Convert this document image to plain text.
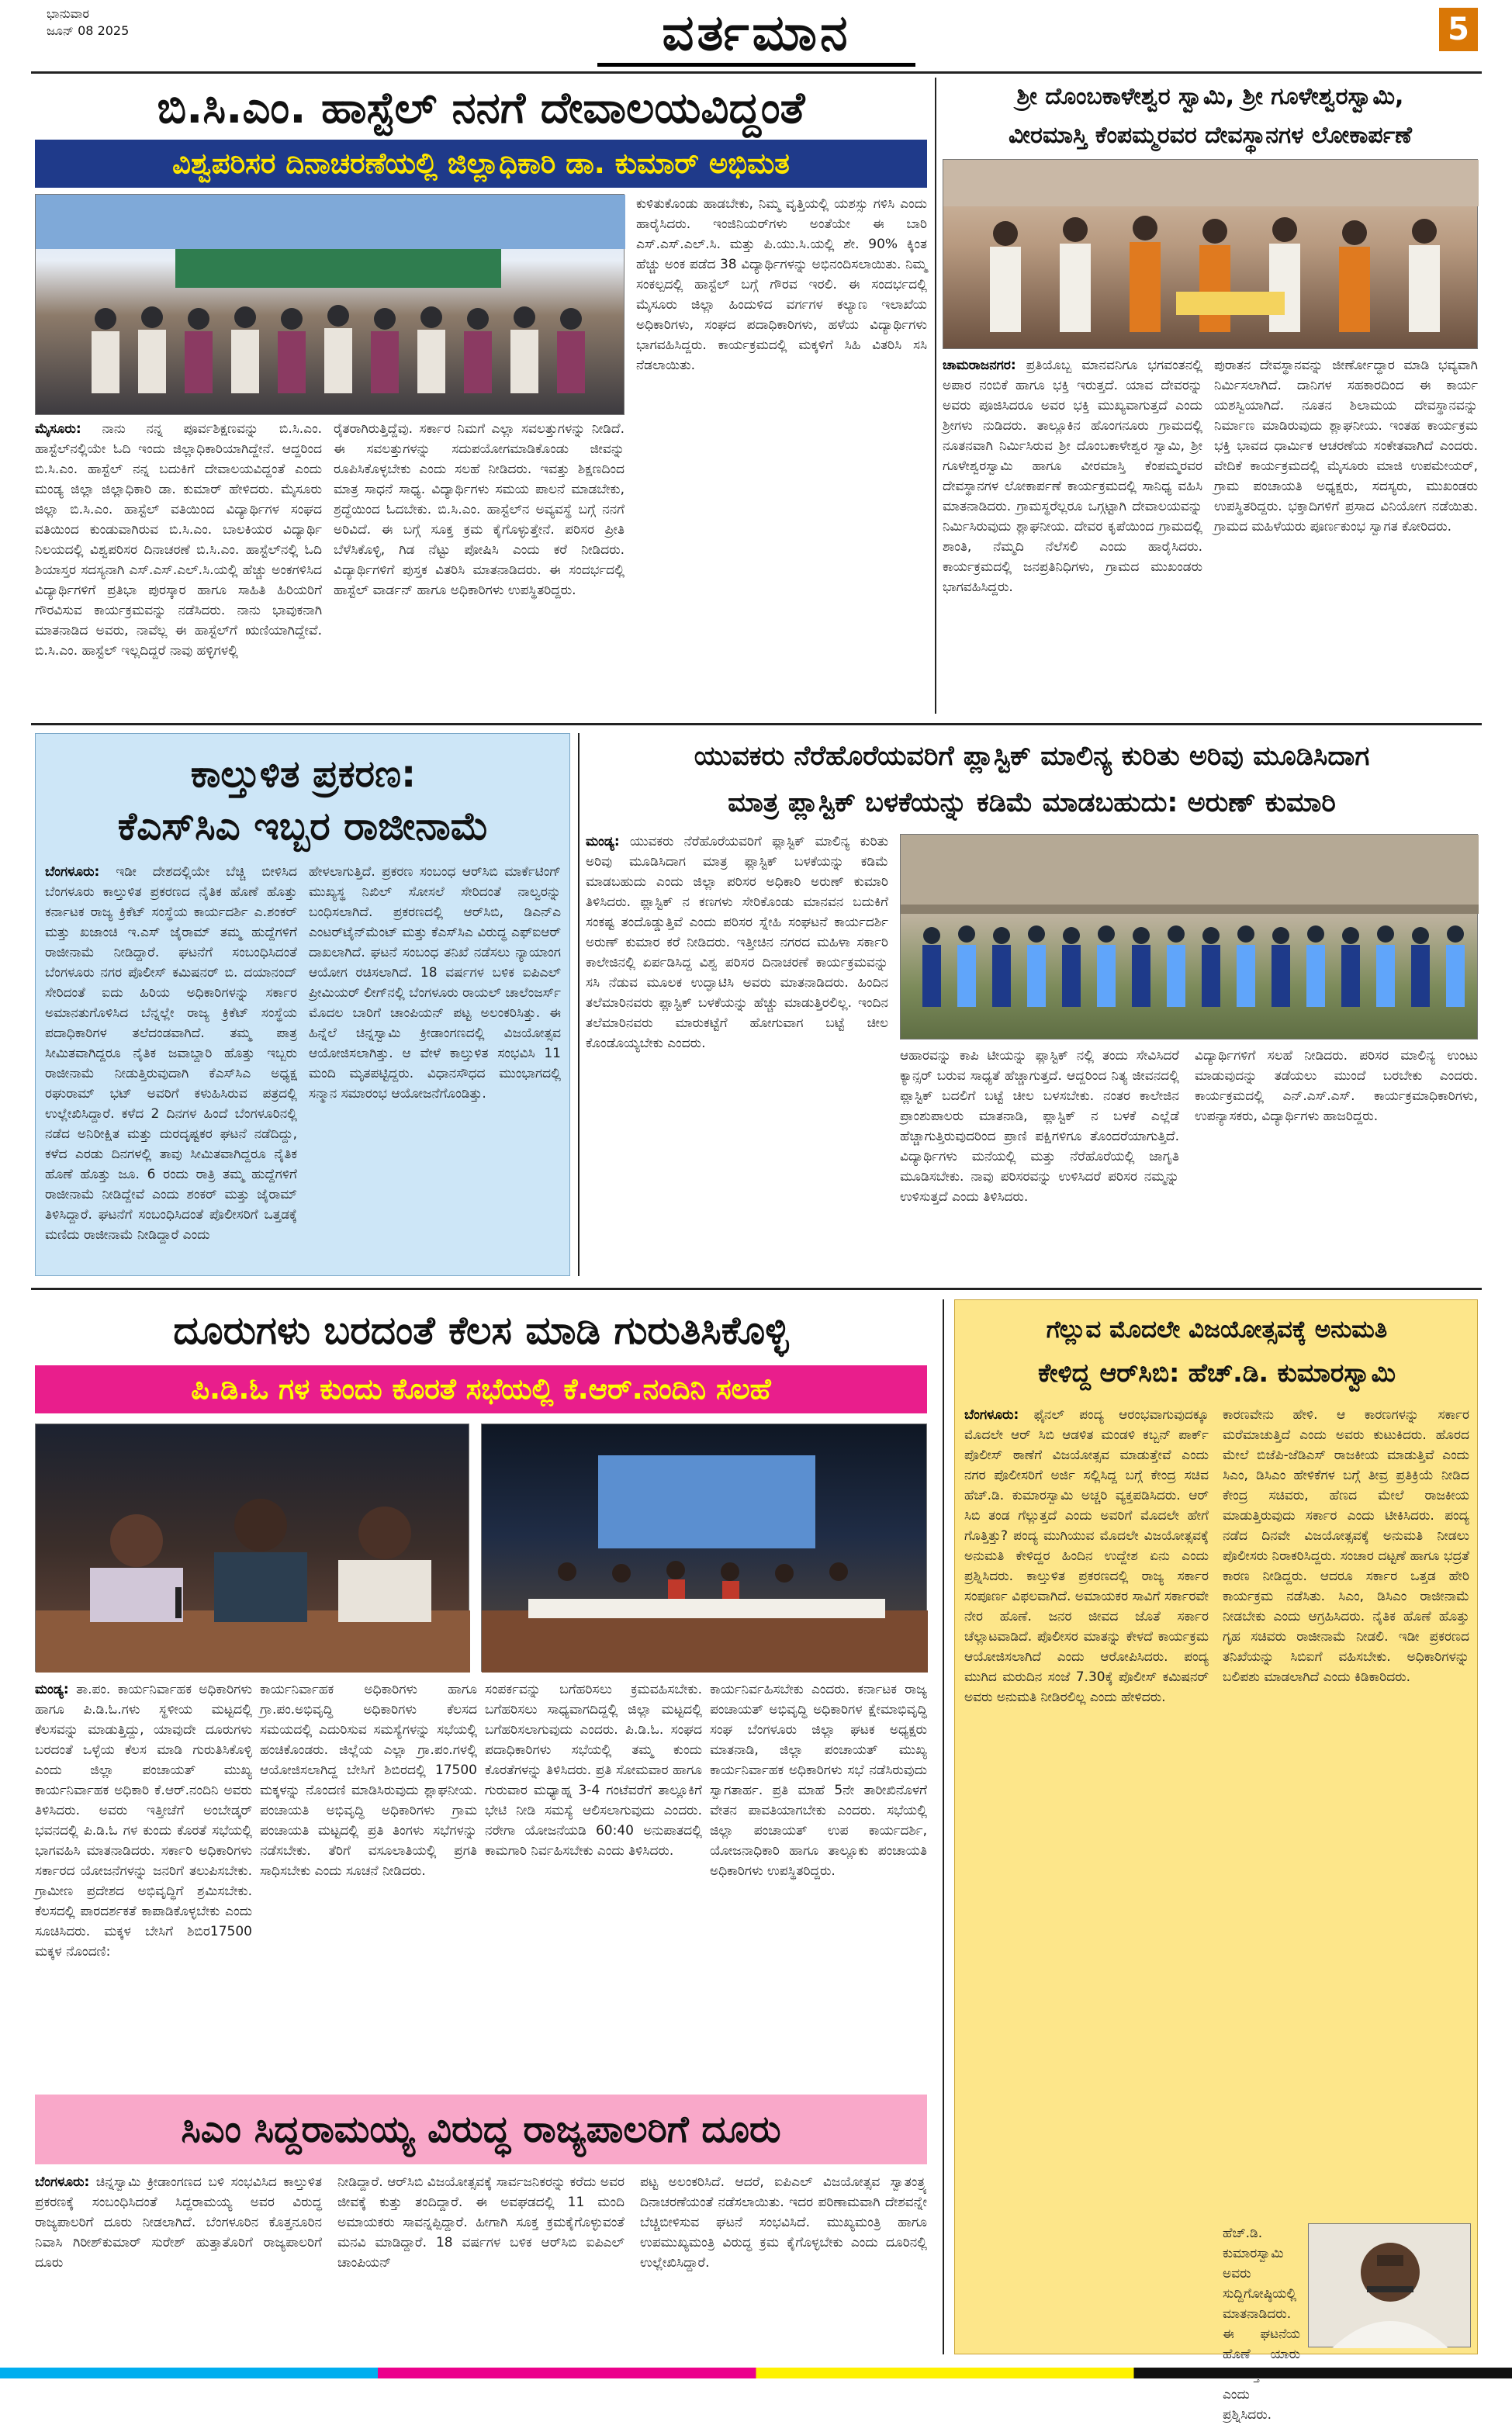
ಭಾನುವಾರ
ಜೂನ್ 08 2025	ವರ್ತಮಾನ	5
ಬಿ.ಸಿ.ಎಂ. ಹಾಸ್ಟೆಲ್ ನನಗೆ ದೇವಾಲಯವಿದ್ದಂತೆ
ವಿಶ್ವಪರಿಸರ ದಿನಾಚರಣೆಯಲ್ಲಿ ಜಿಲ್ಲಾಧಿಕಾರಿ ಡಾ. ಕುಮಾರ್ ಅಭಿಮತ
ಮೈಸೂರು: ನಾನು ನನ್ನ ಪೂರ್ವಶಿಕ್ಷಣವನ್ನು ಬಿ.ಸಿ.ಎಂ. ಹಾಸ್ಟೆಲ್‌ನಲ್ಲಿಯೇ ಓದಿ ಇಂದು ಜಿಲ್ಲಾಧಿಕಾರಿಯಾಗಿದ್ದೇನೆ. ಆದ್ದರಿಂದ ಬಿ.ಸಿ.ಎಂ. ಹಾಸ್ಟೆಲ್ ನನ್ನ ಬದುಕಿಗೆ ದೇವಾಲಯವಿದ್ದಂತೆ ಎಂದು ಮಂಡ್ಯ ಜಿಲ್ಲಾ ಜಿಲ್ಲಾಧಿಕಾರಿ ಡಾ. ಕುಮಾರ್ ಹೇಳಿದರು. ಮೈಸೂರು ಜಿಲ್ಲಾ ಬಿ.ಸಿ.ಎಂ. ಹಾಸ್ಟೆಲ್ ವತಿಯಿಂದ ವಿದ್ಯಾರ್ಥಿಗಳ ಸಂಘದ ವತಿಯಿಂದ ಕುಂಡುವಾಗಿರುವ ಬಿ.ಸಿ.ಎಂ. ಬಾಲಕಿಯರ ವಿದ್ಯಾರ್ಥಿ ನಿಲಯದಲ್ಲಿ ವಿಶ್ವಪರಿಸರ ದಿನಾಚರಣೆ ಬಿ.ಸಿ.ಎಂ. ಹಾಸ್ಟೆಲ್‌ನಲ್ಲಿ ಓದಿ ಶಿಯಾಸ್ತರ ಸದಸ್ಯನಾಗಿ ಎಸ್.ಎಸ್.ಎಲ್.ಸಿ.ಯಲ್ಲಿ ಹೆಚ್ಚು ಅಂಕಗಳಿಸಿದ ವಿದ್ಯಾರ್ಥಿಗಳಿಗೆ ಪ್ರತಿಭಾ ಪುರಸ್ಕಾರ ಹಾಗೂ ಸಾಹಿತಿ ಹಿರಿಯರಿಗೆ ಗೌರವಿಸುವ ಕಾರ್ಯಕ್ರಮವನ್ನು ನಡೆಸಿದರು. ನಾನು ಭಾವುಕನಾಗಿ ಮಾತನಾಡಿದ ಅವರು, ನಾವೆಲ್ಲ ಈ ಹಾಸ್ಟೆಲ್‌ಗೆ ಋಣಿಯಾಗಿದ್ದೇವೆ. ಬಿ.ಸಿ.ಎಂ. ಹಾಸ್ಟೆಲ್ ಇಲ್ಲದಿದ್ದರೆ ನಾವು ಹಳ್ಳಿಗಳಲ್ಲಿ
ರೈತರಾಗಿರುತ್ತಿದ್ದೆವು. ಸರ್ಕಾರ ನಿಮಗೆ ಎಲ್ಲಾ ಸವಲತ್ತುಗಳನ್ನು ನೀಡಿದೆ. ಈ ಸವಲತ್ತುಗಳನ್ನು ಸದುಪಯೋಗಮಾಡಿಕೊಂಡು ಜೀವನ್ನು ರೂಪಿಸಿಕೊಳ್ಳಬೇಕು ಎಂದು ಸಲಹೆ ನೀಡಿದರು. ಇವತ್ತು ಶಿಕ್ಷಣದಿಂದ ಮಾತ್ರ ಸಾಧನೆ ಸಾಧ್ಯ. ವಿದ್ಯಾರ್ಥಿಗಳು ಸಮಯ ಪಾಲನೆ ಮಾಡಬೇಕು, ಶ್ರದ್ಧೆಯಿಂದ ಓದಬೇಕು. ಬಿ.ಸಿ.ಎಂ. ಹಾಸ್ಟೆಲ್‌ನ ಅವ್ಯವಸ್ಥೆ ಬಗ್ಗೆ ನನಗೆ ಅರಿವಿದೆ. ಈ ಬಗ್ಗೆ ಸೂಕ್ತ ಕ್ರಮ ಕೈಗೊಳ್ಳುತ್ತೇನೆ. ಪರಿಸರ ಪ್ರೀತಿ ಬೆಳೆಸಿಕೊಳ್ಳಿ, ಗಿಡ ನೆಟ್ಟು ಪೋಷಿಸಿ ಎಂದು ಕರೆ ನೀಡಿದರು. ವಿದ್ಯಾರ್ಥಿಗಳಿಗೆ ಪುಸ್ತಕ ವಿತರಿಸಿ ಮಾತನಾಡಿದರು. ಈ ಸಂದರ್ಭದಲ್ಲಿ ಹಾಸ್ಟೆಲ್ ವಾರ್ಡನ್ ಹಾಗೂ ಅಧಿಕಾರಿಗಳು ಉಪಸ್ಥಿತರಿದ್ದರು.
ಕುಳಿತುಕೊಂಡು ಹಾಡಬೇಕು, ನಿಮ್ಮ ವೃತ್ತಿಯಲ್ಲಿ ಯಶಸ್ಸು ಗಳಿಸಿ ಎಂದು ಹಾರೈಸಿದರು. ಇಂಜಿನಿಯರ್‌ಗಳು ಅಂತೆಯೇ ಈ ಬಾರಿ ಎಸ್.ಎಸ್.ಎಲ್.ಸಿ. ಮತ್ತು ಪಿ.ಯು.ಸಿ.ಯಲ್ಲಿ ಶೇ. 90% ಕ್ಕಿಂತ ಹೆಚ್ಚು ಅಂಕ ಪಡೆದ 38 ವಿದ್ಯಾರ್ಥಿಗಳನ್ನು ಅಭಿನಂದಿಸಲಾಯಿತು. ನಿಮ್ಮ ಸಂಕಲ್ಪದಲ್ಲಿ ಹಾಸ್ಟೆಲ್ ಬಗ್ಗೆ ಗೌರವ ಇರಲಿ. ಈ ಸಂದರ್ಭದಲ್ಲಿ ಮೈಸೂರು ಜಿಲ್ಲಾ ಹಿಂದುಳಿದ ವರ್ಗಗಳ ಕಲ್ಯಾಣ ಇಲಾಖೆಯ ಅಧಿಕಾರಿಗಳು, ಸಂಘದ ಪದಾಧಿಕಾರಿಗಳು, ಹಳೆಯ ವಿದ್ಯಾರ್ಥಿಗಳು ಭಾಗವಹಿಸಿದ್ದರು. ಕಾರ್ಯಕ್ರಮದಲ್ಲಿ ಮಕ್ಕಳಿಗೆ ಸಿಹಿ ವಿತರಿಸಿ ಸಸಿ ನೆಡಲಾಯಿತು.
ಶ್ರೀ ದೊಂಬಕಾಳೇಶ್ವರ ಸ್ವಾಮಿ, ಶ್ರೀ ಗೂಳೇಶ್ವರಸ್ವಾಮಿ,
ವೀರಮಾಸ್ತಿ ಕೆಂಪಮ್ಮರವರ ದೇವಸ್ಥಾನಗಳ ಲೋಕಾರ್ಪಣೆ
ಚಾಮರಾಜನಗರ: ಪ್ರತಿಯೊಬ್ಬ ಮಾನವನಿಗೂ ಭಗವಂತನಲ್ಲಿ ಅಪಾರ ನಂಬಿಕೆ ಹಾಗೂ ಭಕ್ತಿ ಇರುತ್ತದೆ. ಯಾವ ದೇವರನ್ನು ಅವರು ಪೂಜಿಸಿದರೂ ಅವರ ಭಕ್ತಿ ಮುಖ್ಯವಾಗುತ್ತದೆ ಎಂದು ಶ್ರೀಗಳು ನುಡಿದರು. ತಾಲ್ಲೂಕಿನ ಹೊಂಗನೂರು ಗ್ರಾಮದಲ್ಲಿ ನೂತನವಾಗಿ ನಿರ್ಮಿಸಿರುವ ಶ್ರೀ ದೊಂಬಕಾಳೇಶ್ವರ ಸ್ವಾಮಿ, ಶ್ರೀ ಗೂಳೇಶ್ವರಸ್ವಾಮಿ ಹಾಗೂ ವೀರಮಾಸ್ತಿ ಕೆಂಪಮ್ಮರವರ ದೇವಸ್ಥಾನಗಳ ಲೋಕಾರ್ಪಣೆ ಕಾರ್ಯಕ್ರಮದಲ್ಲಿ ಸಾನಿಧ್ಯ ವಹಿಸಿ ಮಾತನಾಡಿದರು. ಗ್ರಾಮಸ್ಥರೆಲ್ಲರೂ ಒಗ್ಗಟ್ಟಾಗಿ ದೇವಾಲಯವನ್ನು ನಿರ್ಮಿಸಿರುವುದು ಶ್ಲಾಘನೀಯ. ದೇವರ ಕೃಪೆಯಿಂದ ಗ್ರಾಮದಲ್ಲಿ ಶಾಂತಿ, ನೆಮ್ಮದಿ ನೆಲೆಸಲಿ ಎಂದು ಹಾರೈಸಿದರು. ಕಾರ್ಯಕ್ರಮದಲ್ಲಿ ಜನಪ್ರತಿನಿಧಿಗಳು, ಗ್ರಾಮದ ಮುಖಂಡರು ಭಾಗವಹಿಸಿದ್ದರು.
ಪುರಾತನ ದೇವಸ್ಥಾನವನ್ನು ಜೀರ್ಣೋದ್ಧಾರ ಮಾಡಿ ಭವ್ಯವಾಗಿ ನಿರ್ಮಿಸಲಾಗಿದೆ. ದಾನಿಗಳ ಸಹಕಾರದಿಂದ ಈ ಕಾರ್ಯ ಯಶಸ್ವಿಯಾಗಿದೆ. ನೂತನ ಶಿಲಾಮಯ ದೇವಸ್ಥಾನವನ್ನು ನಿರ್ಮಾಣ ಮಾಡಿರುವುದು ಶ್ಲಾಘನೀಯ. ಇಂತಹ ಕಾರ್ಯಕ್ರಮ ಭಕ್ತಿ ಭಾವದ ಧಾರ್ಮಿಕ ಆಚರಣೆಯ ಸಂಕೇತವಾಗಿದೆ ಎಂದರು. ವೇದಿಕೆ ಕಾರ್ಯಕ್ರಮದಲ್ಲಿ ಮೈಸೂರು ಮಾಜಿ ಉಪಮೇಯರ್, ಗ್ರಾಮ ಪಂಚಾಯತಿ ಅಧ್ಯಕ್ಷರು, ಸದಸ್ಯರು, ಮುಖಂಡರು ಉಪಸ್ಥಿತರಿದ್ದರು. ಭಕ್ತಾದಿಗಳಿಗೆ ಪ್ರಸಾದ ವಿನಿಯೋಗ ನಡೆಯಿತು. ಗ್ರಾಮದ ಮಹಿಳೆಯರು ಪೂರ್ಣಕುಂಭ ಸ್ವಾಗತ ಕೋರಿದರು.
ಕಾಲ್ತುಳಿತ ಪ್ರಕರಣ:
ಕೆಎಸ್‌ಸಿಎ ಇಬ್ಬರ ರಾಜೀನಾಮೆ
ಬೆಂಗಳೂರು: ಇಡೀ ದೇಶದಲ್ಲಿಯೇ ಬೆಚ್ಚಿ ಬೀಳಿಸಿದ ಬೆಂಗಳೂರು ಕಾಲ್ತುಳಿತ ಪ್ರಕರಣದ ನೈತಿಕ ಹೊಣೆ ಹೊತ್ತು ಕರ್ನಾಟಕ ರಾಜ್ಯ ಕ್ರಿಕೆಟ್ ಸಂಸ್ಥೆಯ ಕಾರ್ಯದರ್ಶಿ ಎ.ಶಂಕರ್ ಮತ್ತು ಖಜಾಂಚಿ ಇ.ಎಸ್ ಜೈರಾಮ್ ತಮ್ಮ ಹುದ್ದೆಗಳಿಗೆ ರಾಜೀನಾಮೆ ನೀಡಿದ್ದಾರೆ. ಘಟನೆಗೆ ಸಂಬಂಧಿಸಿದಂತೆ ಬೆಂಗಳೂರು ನಗರ ಪೊಲೀಸ್ ಕಮಿಷನರ್ ಬಿ. ದಯಾನಂದ್ ಸೇರಿದಂತೆ ಐದು ಹಿರಿಯ ಅಧಿಕಾರಿಗಳನ್ನು ಸರ್ಕಾರ ಅಮಾನತುಗೊಳಿಸಿದ ಬೆನ್ನಲ್ಲೇ ರಾಜ್ಯ ಕ್ರಿಕೆಟ್ ಸಂಸ್ಥೆಯ ಪದಾಧಿಕಾರಿಗಳ ತಲೆದಂಡವಾಗಿದೆ. ತಮ್ಮ ಪಾತ್ರ ಸೀಮಿತವಾಗಿದ್ದರೂ ನೈತಿಕ ಜವಾಬ್ದಾರಿ ಹೊತ್ತು ಇಬ್ಬರು ರಾಜೀನಾಮೆ ನೀಡುತ್ತಿರುವುದಾಗಿ ಕೆಎಸ್‌ಸಿಎ ಅಧ್ಯಕ್ಷ ರಘುರಾಮ್ ಭಟ್ ಅವರಿಗೆ ಕಳುಹಿಸಿರುವ ಪತ್ರದಲ್ಲಿ ಉಲ್ಲೇಖಿಸಿದ್ದಾರೆ. ಕಳೆದ 2 ದಿನಗಳ ಹಿಂದೆ ಬೆಂಗಳೂರಿನಲ್ಲಿ ನಡೆದ ಅನಿರೀಕ್ಷಿತ ಮತ್ತು ದುರದೃಷ್ಟಕರ ಘಟನೆ ನಡೆದಿದ್ದು, ಕಳೆದ ಎರಡು ದಿನಗಳಲ್ಲಿ ತಾವು ಸೀಮಿತವಾಗಿದ್ದರೂ ನೈತಿಕ ಹೊಣೆ ಹೊತ್ತು ಜೂ. 6 ರಂದು ರಾತ್ರಿ ತಮ್ಮ ಹುದ್ದೆಗಳಿಗೆ ರಾಜೀನಾಮೆ ನೀಡಿದ್ದೇವೆ ಎಂದು ಶಂಕರ್ ಮತ್ತು ಜೈರಾಮ್ ತಿಳಿಸಿದ್ದಾರೆ. ಘಟನೆಗೆ ಸಂಬಂಧಿಸಿದಂತೆ ಪೊಲೀಸರಿಗೆ ಒತ್ತಡಕ್ಕೆ ಮಣಿದು ರಾಜೀನಾಮೆ ನೀಡಿದ್ದಾರೆ ಎಂದು
ಹೇಳಲಾಗುತ್ತಿದೆ. ಪ್ರಕರಣ ಸಂಬಂಧ ಆರ್‌ಸಿಬಿ ಮಾರ್ಕೆಟಿಂಗ್ ಮುಖ್ಯಸ್ಥ ನಿಖಿಲ್ ಸೋಸಲೆ ಸೇರಿದಂತೆ ನಾಲ್ವರನ್ನು ಬಂಧಿಸಲಾಗಿದೆ. ಪ್ರಕರಣದಲ್ಲಿ ಆರ್‌ಸಿಬಿ, ಡಿಎನ್‌ಎ ಎಂಟರ್‌ಟೈನ್‌ಮೆಂಟ್ ಮತ್ತು ಕೆಎಸ್‌ಸಿಎ ವಿರುದ್ಧ ಎಫ್‌ಐಆರ್ ದಾಖಲಾಗಿದೆ. ಘಟನೆ ಸಂಬಂಧ ತನಿಖೆ ನಡೆಸಲು ನ್ಯಾಯಾಂಗ ಆಯೋಗ ರಚಿಸಲಾಗಿದೆ. 18 ವರ್ಷಗಳ ಬಳಿಕ ಐಪಿಎಲ್ ಪ್ರೀಮಿಯರ್ ಲೀಗ್‌ನಲ್ಲಿ ಬೆಂಗಳೂರು ರಾಯಲ್ ಚಾಲೆಂಜರ್ಸ್ ಮೊದಲ ಬಾರಿಗೆ ಚಾಂಪಿಯನ್ ಪಟ್ಟ ಅಲಂಕರಿಸಿತ್ತು. ಈ ಹಿನ್ನೆಲೆ ಚಿನ್ನಸ್ವಾಮಿ ಕ್ರೀಡಾಂಗಣದಲ್ಲಿ ವಿಜಯೋತ್ಸವ ಆಯೋಜಿಸಲಾಗಿತ್ತು. ಆ ವೇಳೆ ಕಾಲ್ತುಳಿತ ಸಂಭವಿಸಿ 11 ಮಂದಿ ಮೃತಪಟ್ಟಿದ್ದರು. ವಿಧಾನಸೌಧದ ಮುಂಭಾಗದಲ್ಲಿ ಸನ್ಮಾನ ಸಮಾರಂಭ ಆಯೋಜನೆಗೊಂಡಿತ್ತು.
ಯುವಕರು ನೆರೆಹೊರೆಯವರಿಗೆ ಪ್ಲಾಸ್ಟಿಕ್ ಮಾಲಿನ್ಯ ಕುರಿತು ಅರಿವು ಮೂಡಿಸಿದಾಗ
ಮಾತ್ರ ಪ್ಲಾಸ್ಟಿಕ್ ಬಳಕೆಯನ್ನು ಕಡಿಮೆ ಮಾಡಬಹುದು: ಅರುಣ್ ಕುಮಾರಿ
ಮಂಡ್ಯ: ಯುವಕರು ನೆರೆಹೊರೆಯವರಿಗೆ ಪ್ಲಾಸ್ಟಿಕ್ ಮಾಲಿನ್ಯ ಕುರಿತು ಅರಿವು ಮೂಡಿಸಿದಾಗ ಮಾತ್ರ ಪ್ಲಾಸ್ಟಿಕ್ ಬಳಕೆಯನ್ನು ಕಡಿಮೆ ಮಾಡಬಹುದು ಎಂದು ಜಿಲ್ಲಾ ಪರಿಸರ ಅಧಿಕಾರಿ ಅರುಣ್ ಕುಮಾರಿ ತಿಳಿಸಿದರು. ಪ್ಲಾಸ್ಟಿಕ್ ನ ಕಣಗಳು ಸೇರಿಕೊಂಡು ಮಾನವನ ಬದುಕಿಗೆ ಸಂಕಷ್ಟ ತಂದೊಡ್ಡುತ್ತಿವೆ ಎಂದು ಪರಿಸರ ಸ್ನೇಹಿ ಸಂಘಟನೆ ಕಾರ್ಯದರ್ಶಿ ಅರುಣ್ ಕುಮಾರ ಕರೆ ನೀಡಿದರು. ಇತ್ತೀಚಿನ ನಗರದ ಮಹಿಳಾ ಸರ್ಕಾರಿ ಕಾಲೇಜಿನಲ್ಲಿ ಏರ್ಪಡಿಸಿದ್ದ ವಿಶ್ವ ಪರಿಸರ ದಿನಾಚರಣೆ ಕಾರ್ಯಕ್ರಮವನ್ನು ಸಸಿ ನೆಡುವ ಮೂಲಕ ಉದ್ಘಾಟಿಸಿ ಅವರು ಮಾತನಾಡಿದರು. ಹಿಂದಿನ ತಲೆಮಾರಿನವರು ಪ್ಲಾಸ್ಟಿಕ್ ಬಳಕೆಯನ್ನು ಹೆಚ್ಚು ಮಾಡುತ್ತಿರಲಿಲ್ಲ. ಇಂದಿನ ತಲೆಮಾರಿನವರು ಮಾರುಕಟ್ಟೆಗೆ ಹೋಗುವಾಗ ಬಟ್ಟೆ ಚೀಲ ಕೊಂಡೊಯ್ಯಬೇಕು ಎಂದರು.
ಆಹಾರವನ್ನು ಕಾಪಿ ಟೀಯನ್ನು ಪ್ಲಾಸ್ಟಿಕ್ ನಲ್ಲಿ ತಂದು ಸೇವಿಸಿದರೆ ಕ್ಯಾನ್ಸರ್ ಬರುವ ಸಾಧ್ಯತೆ ಹೆಚ್ಚಾಗುತ್ತದೆ. ಆದ್ದರಿಂದ ನಿತ್ಯ ಜೀವನದಲ್ಲಿ ಪ್ಲಾಸ್ಟಿಕ್ ಬದಲಿಗೆ ಬಟ್ಟೆ ಚೀಲ ಬಳಸಬೇಕು. ನಂತರ ಕಾಲೇಜಿನ ಪ್ರಾಂಶುಪಾಲರು ಮಾತನಾಡಿ, ಪ್ಲಾಸ್ಟಿಕ್ ನ ಬಳಕೆ ಎಲ್ಲೆಡೆ ಹೆಚ್ಚಾಗುತ್ತಿರುವುದರಿಂದ ಪ್ರಾಣಿ ಪಕ್ಷಿಗಳಿಗೂ ತೊಂದರೆಯಾಗುತ್ತಿದೆ. ವಿದ್ಯಾರ್ಥಿಗಳು ಮನೆಯಲ್ಲಿ ಮತ್ತು ನೆರೆಹೊರೆಯಲ್ಲಿ ಜಾಗೃತಿ ಮೂಡಿಸಬೇಕು. ನಾವು ಪರಿಸರವನ್ನು ಉಳಿಸಿದರೆ ಪರಿಸರ ನಮ್ಮನ್ನು ಉಳಿಸುತ್ತದೆ ಎಂದು ತಿಳಿಸಿದರು.
ವಿದ್ಯಾರ್ಥಿಗಳಿಗೆ ಸಲಹೆ ನೀಡಿದರು. ಪರಿಸರ ಮಾಲಿನ್ಯ ಉಂಟು ಮಾಡುವುದನ್ನು ತಡೆಯಲು ಮುಂದೆ ಬರಬೇಕು ಎಂದರು. ಕಾರ್ಯಕ್ರಮದಲ್ಲಿ ಎನ್.ಎಸ್.ಎಸ್. ಕಾರ್ಯಕ್ರಮಾಧಿಕಾರಿಗಳು, ಉಪನ್ಯಾಸಕರು, ವಿದ್ಯಾರ್ಥಿಗಳು ಹಾಜರಿದ್ದರು.
ದೂರುಗಳು ಬರದಂತೆ ಕೆಲಸ ಮಾಡಿ ಗುರುತಿಸಿಕೊಳ್ಳಿ
ಪಿ.ಡಿ.ಓ ಗಳ ಕುಂದು ಕೊರತೆ ಸಭೆಯಲ್ಲಿ ಕೆ.ಆರ್.ನಂದಿನಿ ಸಲಹೆ
ಮಂಡ್ಯ: ತಾ.ಪಂ. ಕಾರ್ಯನಿರ್ವಾಹಕ ಅಧಿಕಾರಿಗಳು ಹಾಗೂ ಪಿ.ಡಿ.ಓ.ಗಳು ಸ್ಥಳೀಯ ಮಟ್ಟದಲ್ಲಿ ಕೆಲಸವನ್ನು ಮಾಡುತ್ತಿದ್ದು, ಯಾವುದೇ ದೂರುಗಳು ಬರದಂತೆ ಒಳ್ಳೆಯ ಕೆಲಸ ಮಾಡಿ ಗುರುತಿಸಿಕೊಳ್ಳಿ ಎಂದು ಜಿಲ್ಲಾ ಪಂಚಾಯತ್ ಮುಖ್ಯ ಕಾರ್ಯನಿರ್ವಾಹಕ ಅಧಿಕಾರಿ ಕೆ.ಆರ್.ನಂದಿನಿ ಅವರು ತಿಳಿಸಿದರು. ಅವರು ಇತ್ತೀಚೆಗೆ ಅಂಬೇಡ್ಕರ್ ಭವನದಲ್ಲಿ ಪಿ.ಡಿ.ಓ ಗಳ ಕುಂದು ಕೊರತೆ ಸಭೆಯಲ್ಲಿ ಭಾಗವಹಿಸಿ ಮಾತನಾಡಿದರು. ಸರ್ಕಾರಿ ಅಧಿಕಾರಿಗಳು ಸರ್ಕಾರದ ಯೋಜನೆಗಳನ್ನು ಜನರಿಗೆ ತಲುಪಿಸಬೇಕು. ಗ್ರಾಮೀಣ ಪ್ರದೇಶದ ಅಭಿವೃದ್ಧಿಗೆ ಶ್ರಮಿಸಬೇಕು. ಕೆಲಸದಲ್ಲಿ ಪಾರದರ್ಶಕತೆ ಕಾಪಾಡಿಕೊಳ್ಳಬೇಕು ಎಂದು ಸೂಚಿಸಿದರು. ಮಕ್ಕಳ ಬೇಸಿಗೆ ಶಿಬಿರ17500 ಮಕ್ಕಳ ನೊಂದಣಿ:
ಕಾರ್ಯನಿರ್ವಾಹಕ ಅಧಿಕಾರಿಗಳು ಹಾಗೂ ಗ್ರಾ.ಪಂ.ಅಭಿವೃದ್ಧಿ ಅಧಿಕಾರಿಗಳು ಕೆಲಸದ ಸಮಯದಲ್ಲಿ ಎದುರಿಸುವ ಸಮಸ್ಯೆಗಳನ್ನು ಸಭೆಯಲ್ಲಿ ಹಂಚಿಕೊಂಡರು. ಜಿಲ್ಲೆಯ ಎಲ್ಲಾ ಗ್ರಾ.ಪಂ.ಗಳಲ್ಲಿ ಆಯೋಜಿಸಲಾಗಿದ್ದ ಬೇಸಿಗೆ ಶಿಬಿರದಲ್ಲಿ 17500 ಮಕ್ಕಳನ್ನು ನೊಂದಣಿ ಮಾಡಿಸಿರುವುದು ಶ್ಲಾಘನೀಯ. ಪಂಚಾಯತಿ ಅಭಿವೃದ್ಧಿ ಅಧಿಕಾರಿಗಳು ಗ್ರಾಮ ಪಂಚಾಯತಿ ಮಟ್ಟದಲ್ಲಿ ಪ್ರತಿ ತಿಂಗಳು ಸಭೆಗಳನ್ನು ನಡೆಸಬೇಕು. ತೆರಿಗೆ ವಸೂಲಾತಿಯಲ್ಲಿ ಪ್ರಗತಿ ಸಾಧಿಸಬೇಕು ಎಂದು ಸೂಚನೆ ನೀಡಿದರು.
ಸಂಪರ್ಕವನ್ನು ಬಗೆಹರಿಸಲು ಕ್ರಮವಹಿಸಬೇಕು. ಬಗೆಹರಿಸಲು ಸಾಧ್ಯವಾಗದಿದ್ದಲ್ಲಿ ಜಿಲ್ಲಾ ಮಟ್ಟದಲ್ಲಿ ಬಗೆಹರಿಸಲಾಗುವುದು ಎಂದರು. ಪಿ.ಡಿ.ಓ. ಸಂಘದ ಪದಾಧಿಕಾರಿಗಳು ಸಭೆಯಲ್ಲಿ ತಮ್ಮ ಕುಂದು ಕೊರತೆಗಳನ್ನು ತಿಳಿಸಿದರು. ಪ್ರತಿ ಸೋಮವಾರ ಹಾಗೂ ಗುರುವಾರ ಮಧ್ಯಾಹ್ನ 3-4 ಗಂಟೆವರೆಗೆ ತಾಲ್ಲೂಕಿಗೆ ಭೇಟಿ ನೀಡಿ ಸಮಸ್ಯೆ ಆಲಿಸಲಾಗುವುದು ಎಂದರು. ನರೇಗಾ ಯೋಜನೆಯಡಿ 60:40 ಅನುಪಾತದಲ್ಲಿ ಕಾಮಗಾರಿ ನಿರ್ವಹಿಸಬೇಕು ಎಂದು ತಿಳಿಸಿದರು.
ಕಾರ್ಯನಿರ್ವಹಿಸಬೇಕು ಎಂದರು. ಕರ್ನಾಟಕ ರಾಜ್ಯ ಪಂಚಾಯತ್ ಅಭಿವೃದ್ಧಿ ಅಧಿಕಾರಿಗಳ ಕ್ಷೇಮಾಭಿವೃದ್ಧಿ ಸಂಘ ಬೆಂಗಳೂರು ಜಿಲ್ಲಾ ಘಟಕ ಅಧ್ಯಕ್ಷರು ಮಾತನಾಡಿ, ಜಿಲ್ಲಾ ಪಂಚಾಯತ್ ಮುಖ್ಯ ಕಾರ್ಯನಿರ್ವಾಹಕ ಅಧಿಕಾರಿಗಳು ಸಭೆ ನಡೆಸಿರುವುದು ಸ್ವಾಗತಾರ್ಹ. ಪ್ರತಿ ಮಾಹೆ 5ನೇ ತಾರೀಖಿನೊಳಗೆ ವೇತನ ಪಾವತಿಯಾಗಬೇಕು ಎಂದರು. ಸಭೆಯಲ್ಲಿ ಜಿಲ್ಲಾ ಪಂಚಾಯತ್ ಉಪ ಕಾರ್ಯದರ್ಶಿ, ಯೋಜನಾಧಿಕಾರಿ ಹಾಗೂ ತಾಲ್ಲೂಕು ಪಂಚಾಯತಿ ಅಧಿಕಾರಿಗಳು ಉಪಸ್ಥಿತರಿದ್ದರು.
ಸಿಎಂ ಸಿದ್ದರಾಮಯ್ಯ ವಿರುದ್ಧ ರಾಜ್ಯಪಾಲರಿಗೆ ದೂರು
ಬೆಂಗಳೂರು: ಚಿನ್ನಸ್ವಾಮಿ ಕ್ರೀಡಾಂಗಣದ ಬಳಿ ಸಂಭವಿಸಿದ ಕಾಲ್ತುಳಿತ ಪ್ರಕರಣಕ್ಕೆ ಸಂಬಂಧಿಸಿದಂತೆ ಸಿದ್ದರಾಮಯ್ಯ ಅವರ ವಿರುದ್ಧ ರಾಜ್ಯಪಾಲರಿಗೆ ದೂರು ನೀಡಲಾಗಿದೆ. ಬೆಂಗಳೂರಿನ ಕೊತ್ತನೂರಿನ ನಿವಾಸಿ ಗಿರೀಶ್‌ಕುಮಾರ್ ಸುರೇಶ್ ಹುತ್ತಾತೊರಿಗೆ ರಾಜ್ಯಪಾಲರಿಗೆ ದೂರು
ನೀಡಿದ್ದಾರೆ. ಆರ್‌ಸಿಬಿ ವಿಜಯೋತ್ಸವಕ್ಕೆ ಸಾರ್ವಜನಿಕರನ್ನು ಕರೆದು ಅವರ ಜೀವಕ್ಕೆ ಕುತ್ತು ತಂದಿದ್ದಾರೆ. ಈ ಅವಘಡದಲ್ಲಿ 11 ಮಂದಿ ಅಮಾಯಕರು ಸಾವನ್ನಪ್ಪಿದ್ದಾರೆ. ಹೀಗಾಗಿ ಸೂಕ್ತ ಕ್ರಮಕೈಗೊಳ್ಳುವಂತೆ ಮನವಿ ಮಾಡಿದ್ದಾರೆ. 18 ವರ್ಷಗಳ ಬಳಿಕ ಆರ್‌ಸಿಬಿ ಐಪಿಎಲ್ ಚಾಂಪಿಯನ್
ಪಟ್ಟ ಅಲಂಕರಿಸಿದೆ. ಆದರೆ, ಐಪಿಎಲ್ ವಿಜಯೋತ್ಸವ ಸ್ವಾತಂತ್ರ್ಯ ದಿನಾಚರಣೆಯಂತೆ ನಡೆಸಲಾಯಿತು. ಇದರ ಪರಿಣಾಮವಾಗಿ ದೇಶವನ್ನೇ ಬೆಚ್ಚಿಬೀಳಿಸುವ ಘಟನೆ ಸಂಭವಿಸಿದೆ. ಮುಖ್ಯಮಂತ್ರಿ ಹಾಗೂ ಉಪಮುಖ್ಯಮಂತ್ರಿ ವಿರುದ್ಧ ಕ್ರಮ ಕೈಗೊಳ್ಳಬೇಕು ಎಂದು ದೂರಿನಲ್ಲಿ ಉಲ್ಲೇಖಿಸಿದ್ದಾರೆ.
ಗೆಲ್ಲುವ ಮೊದಲೇ ವಿಜಯೋತ್ಸವಕ್ಕೆ ಅನುಮತಿ
ಕೇಳಿದ್ದ ಆರ್‌ಸಿಬಿ: ಹೆಚ್.ಡಿ. ಕುಮಾರಸ್ವಾಮಿ
ಬೆಂಗಳೂರು: ಫೈನಲ್ ಪಂದ್ಯ ಆರಂಭವಾಗುವುದಕ್ಕೂ ಮೊದಲೇ ಆರ್ ಸಿಬಿ ಆಡಳಿತ ಮಂಡಳಿ ಕಬ್ಬನ್ ಪಾರ್ಕ್ ಪೊಲೀಸ್ ಠಾಣೆಗೆ ವಿಜಯೋತ್ಸವ ಮಾಡುತ್ತೇವೆ ಎಂದು ನಗರ ಪೊಲೀಸರಿಗೆ ಅರ್ಜಿ ಸಲ್ಲಿಸಿದ್ದ ಬಗ್ಗೆ ಕೇಂದ್ರ ಸಚಿವ ಹೆಚ್.ಡಿ. ಕುಮಾರಸ್ವಾಮಿ ಅಚ್ಚರಿ ವ್ಯಕ್ತಪಡಿಸಿದರು. ಆರ್ ಸಿಬಿ ತಂಡ ಗೆಲ್ಲುತ್ತದೆ ಎಂದು ಅವರಿಗೆ ಮೊದಲೇ ಹೇಗೆ ಗೊತ್ತಿತ್ತು? ಪಂದ್ಯ ಮುಗಿಯುವ ಮೊದಲೇ ವಿಜಯೋತ್ಸವಕ್ಕೆ ಅನುಮತಿ ಕೇಳಿದ್ದರ ಹಿಂದಿನ ಉದ್ದೇಶ ಏನು ಎಂದು ಪ್ರಶ್ನಿಸಿದರು. ಕಾಲ್ತುಳಿತ ಪ್ರಕರಣದಲ್ಲಿ ರಾಜ್ಯ ಸರ್ಕಾರ ಸಂಪೂರ್ಣ ವಿಫಲವಾಗಿದೆ. ಅಮಾಯಕರ ಸಾವಿಗೆ ಸರ್ಕಾರವೇ ನೇರ ಹೊಣೆ. ಜನರ ಜೀವದ ಜೊತೆ ಸರ್ಕಾರ ಚೆಲ್ಲಾಟವಾಡಿದೆ. ಪೊಲೀಸರ ಮಾತನ್ನು ಕೇಳದೆ ಕಾರ್ಯಕ್ರಮ ಆಯೋಜಿಸಲಾಗಿದೆ ಎಂದು ಆರೋಪಿಸಿದರು. ಪಂದ್ಯ ಮುಗಿದ ಮರುದಿನ ಸಂಜೆ 7.30ಕ್ಕೆ ಪೊಲೀಸ್ ಕಮಿಷನರ್ ಅವರು ಅನುಮತಿ ನೀಡಿರಲಿಲ್ಲ ಎಂದು ಹೇಳಿದರು.
ಕಾರಣವೇನು ಹೇಳಿ. ಆ ಕಾರಣಗಳನ್ನು ಸರ್ಕಾರ ಮರೆಮಾಚುತ್ತಿದೆ ಎಂದು ಅವರು ಕುಟುಕಿದರು. ಹೊರದ ಮೇಲೆ ಬಿಜೆಪಿ-ಜೆಡಿಎಸ್ ರಾಜಕೀಯ ಮಾಡುತ್ತಿವೆ ಎಂದು ಸಿಎಂ, ಡಿಸಿಎಂ ಹೇಳಿಕೆಗಳ ಬಗ್ಗೆ ತೀವ್ರ ಪ್ರತಿಕ್ರಿಯೆ ನೀಡಿದ ಕೇಂದ್ರ ಸಚಿವರು, ಹೆಣದ ಮೇಲೆ ರಾಜಕೀಯ ಮಾಡುತ್ತಿರುವುದು ಸರ್ಕಾರ ಎಂದು ಟೀಕಿಸಿದರು. ಪಂದ್ಯ ನಡೆದ ದಿನವೇ ವಿಜಯೋತ್ಸವಕ್ಕೆ ಅನುಮತಿ ನೀಡಲು ಪೊಲೀಸರು ನಿರಾಕರಿಸಿದ್ದರು. ಸಂಚಾರ ದಟ್ಟಣೆ ಹಾಗೂ ಭದ್ರತೆ ಕಾರಣ ನೀಡಿದ್ದರು. ಆದರೂ ಸರ್ಕಾರ ಒತ್ತಡ ಹೇರಿ ಕಾರ್ಯಕ್ರಮ ನಡೆಸಿತು. ಸಿಎಂ, ಡಿಸಿಎಂ ರಾಜೀನಾಮೆ ನೀಡಬೇಕು ಎಂದು ಆಗ್ರಹಿಸಿದರು. ನೈತಿಕ ಹೊಣೆ ಹೊತ್ತು ಗೃಹ ಸಚಿವರು ರಾಜೀನಾಮೆ ನೀಡಲಿ. ಇಡೀ ಪ್ರಕರಣದ ತನಿಖೆಯನ್ನು ಸಿಬಿಐಗೆ ವಹಿಸಬೇಕು. ಅಧಿಕಾರಿಗಳನ್ನು ಬಲಿಪಶು ಮಾಡಲಾಗಿದೆ ಎಂದು ಕಿಡಿಕಾರಿದರು.
ಹೆಚ್.ಡಿ. ಕುಮಾರಸ್ವಾಮಿ ಅವರು ಸುದ್ದಿಗೋಷ್ಠಿಯಲ್ಲಿ ಮಾತನಾಡಿದರು. ಈ ಘಟನೆಯ ಹೊಣೆ ಯಾರು ಎಂದು ಪ್ರಶ್ನಿಸಿದರು.
